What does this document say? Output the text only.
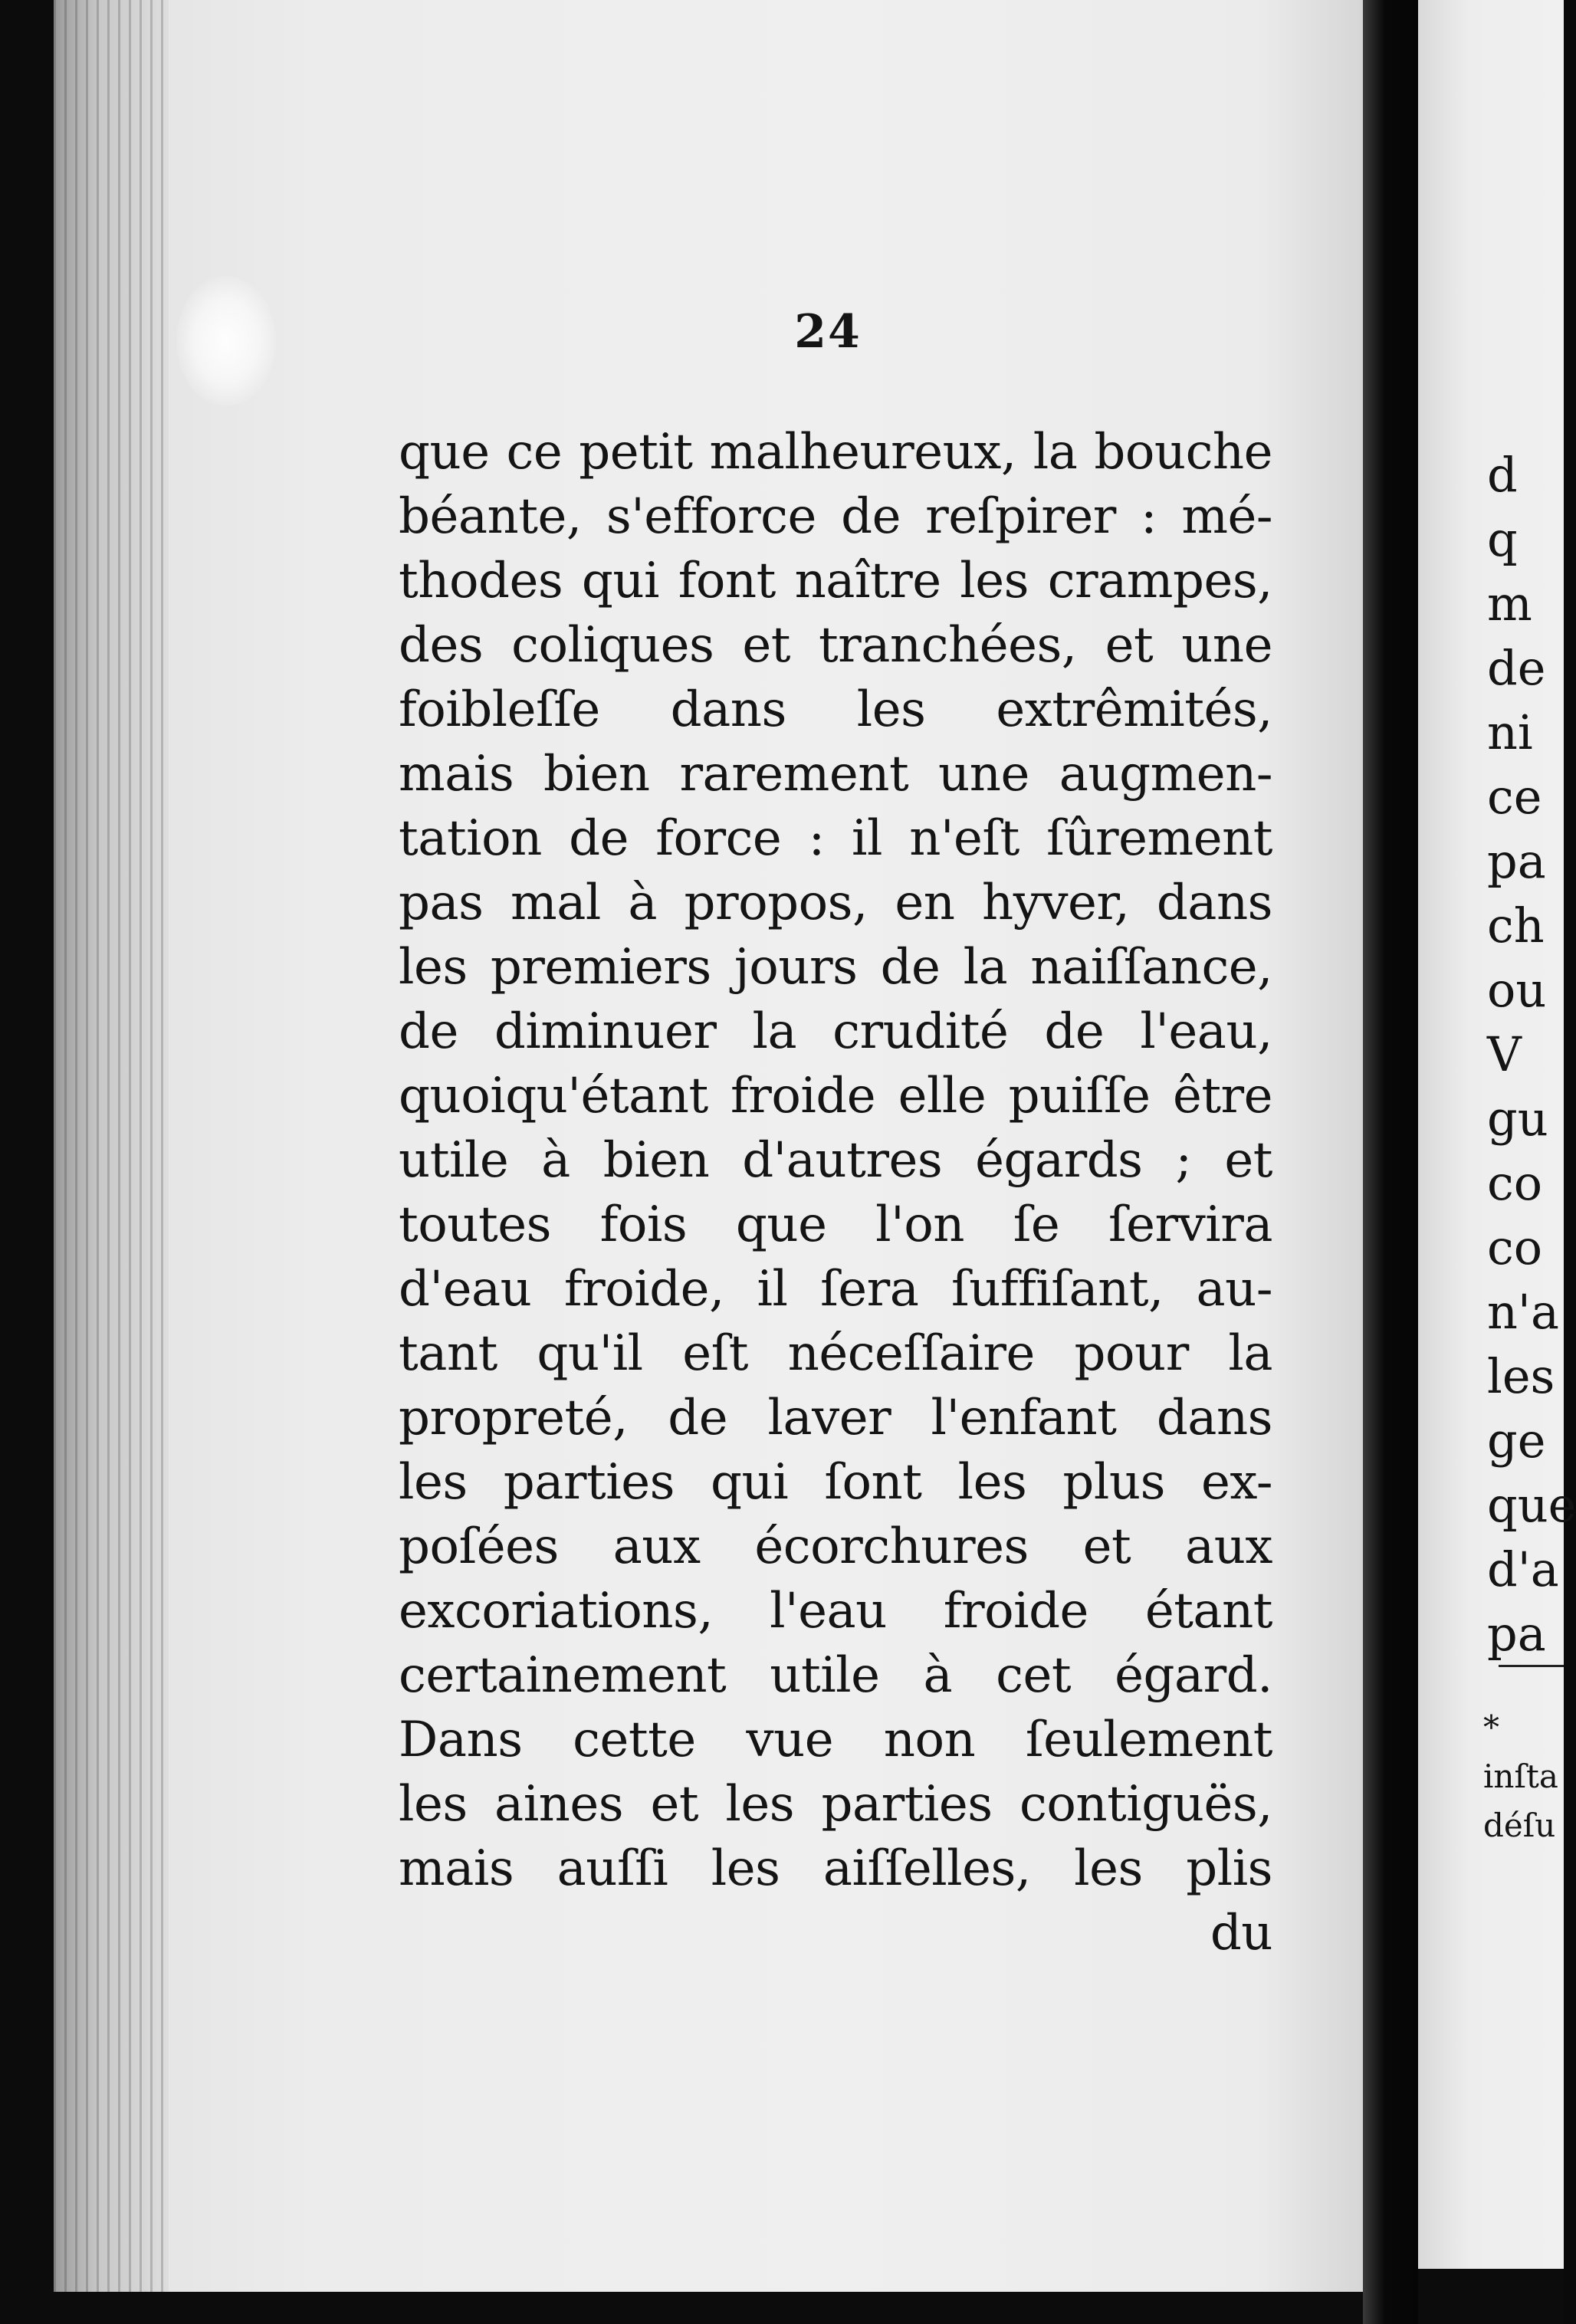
24
que ce petit malheureux, la bouche
béante, s'efforce de reſpirer : mé-
thodes qui font naître les crampes,
des coliques et tranchées, et une
foibleſſe dans les extrêmités,
mais bien rarement une augmen-
tation de force : il n'eſt ſûrement
pas mal à propos, en hyver, dans
les premiers jours de la naiſſance,
de diminuer la crudité de l'eau,
quoiqu'étant froide elle puiſſe être
utile à bien d'autres égards ; et
toutes fois que l'on ſe ſervira
d'eau froide, il ſera ſuffiſant, au-
tant qu'il eſt néceſſaire pour la
propreté, de laver l'enfant dans
les parties qui ſont les plus ex-
poſées aux écorchures et aux
excoriations, l'eau froide étant
certainement utile à cet égard.
Dans cette vue non ſeulement
les aines et les parties contiguës,
mais auſſi les aiſſelles, les plis
du
d
q
m
de
ni
ce
pa
ch
ou
V
gu
co
co
n'a
les
ge
que
d'a
pa
*
inſta
déſu
